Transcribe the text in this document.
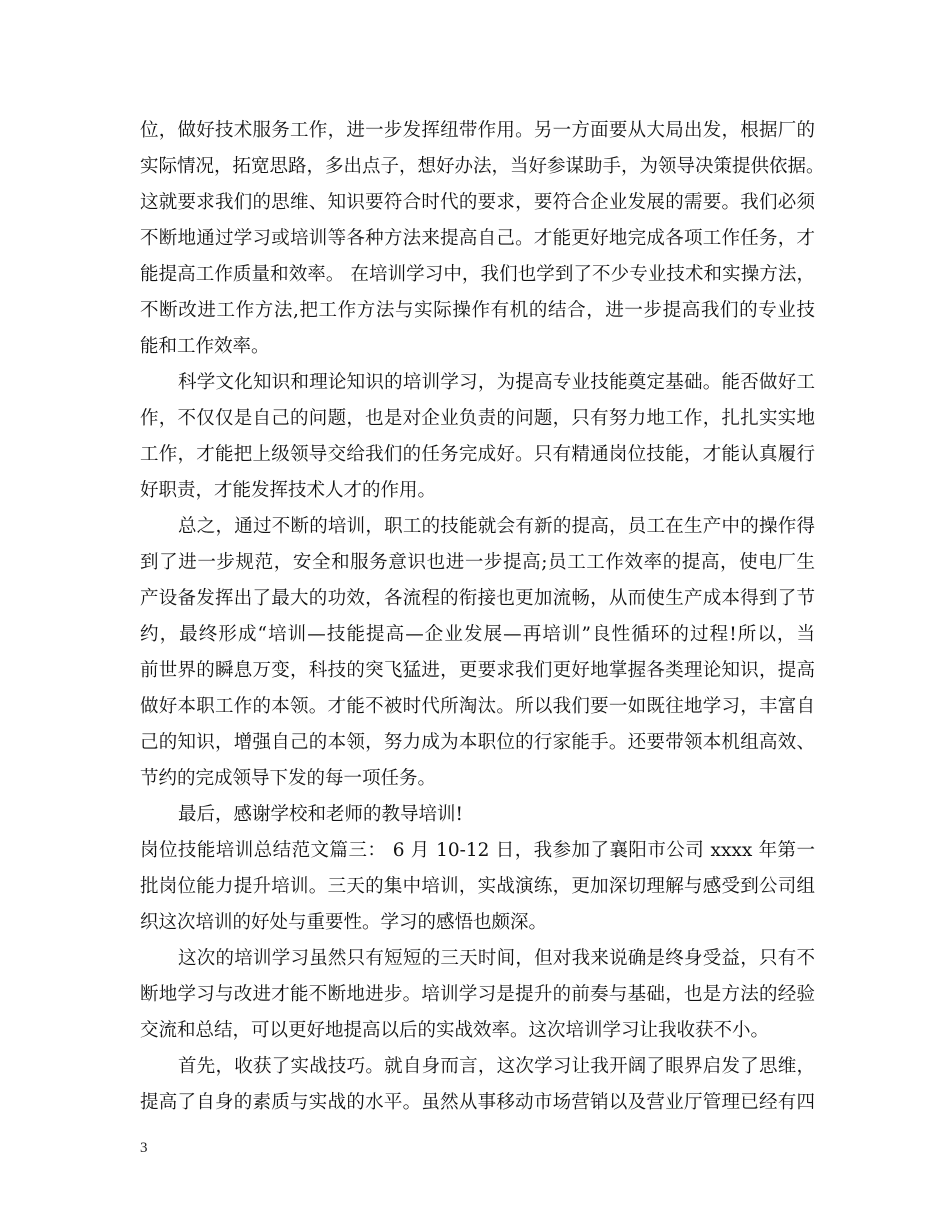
位，做好技术服务工作，进一步发挥纽带作用。另一方面要从大局出发，根据厂的
实际情况，拓宽思路，多出点子，想好办法，当好参谋助手，为领导决策提供依据。
这就要求我们的思维、知识要符合时代的要求，要符合企业发展的需要。我们必须
不断地通过学习或培训等各种方法来提高自己。才能更好地完成各项工作任务，才
能提高工作质量和效率。 在培训学习中，我们也学到了不少专业技术和实操方法，
不断改进工作方法,把工作方法与实际操作有机的结合，进一步提高我们的专业技
能和工作效率。
科学文化知识和理论知识的培训学习，为提高专业技能奠定基础。能否做好工
作，不仅仅是自己的问题，也是对企业负责的问题，只有努力地工作，扎扎实实地
工作，才能把上级领导交给我们的任务完成好。只有精通岗位技能，才能认真履行
好职责，才能发挥技术人才的作用。
总之，通过不断的培训，职工的技能就会有新的提高，员工在生产中的操作得
到了进一步规范，安全和服务意识也进一步提高;员工工作效率的提高，使电厂生
产设备发挥出了最大的功效，各流程的衔接也更加流畅，从而使生产成本得到了节
约，最终形成“培训—技能提高—企业发展—再培训”良性循环的过程!所以，当
前世界的瞬息万变，科技的突飞猛进，更要求我们更好地掌握各类理论知识，提高
做好本职工作的本领。才能不被时代所淘汰。所以我们要一如既往地学习，丰富自
己的知识，增强自己的本领，努力成为本职位的行家能手。还要带领本机组高效、
节约的完成领导下发的每一项任务。
最后，感谢学校和老师的教导培训!
岗位技能培训总结范文篇三： 6 月 10-12 日，我参加了襄阳市公司 xxxx 年第一
批岗位能力提升培训。三天的集中培训，实战演练，更加深切理解与感受到公司组
织这次培训的好处与重要性。学习的感悟也颇深。
这次的培训学习虽然只有短短的三天时间，但对我来说确是终身受益，只有不
断地学习与改进才能不断地进步。培训学习是提升的前奏与基础，也是方法的经验
交流和总结，可以更好地提高以后的实战效率。这次培训学习让我收获不小。
首先，收获了实战技巧。就自身而言，这次学习让我开阔了眼界启发了思维，
提高了自身的素质与实战的水平。虽然从事移动市场营销以及营业厅管理已经有四
3
